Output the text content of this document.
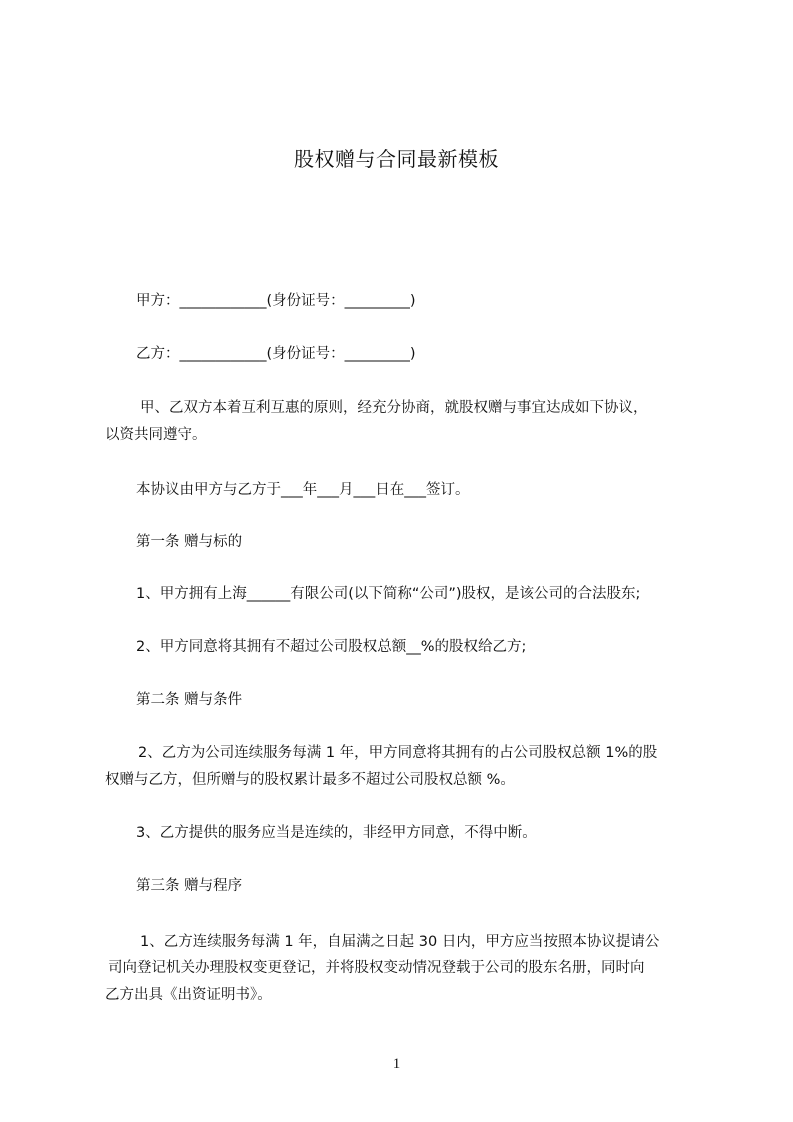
股权赠与合同最新模板
甲方：____________(身份证号：_________)
乙方：____________(身份证号：_________)
甲、乙双方本着互利互惠的原则，经充分协商，就股权赠与事宜达成如下协议，
以资共同遵守。
本协议由甲方与乙方于___年___月___日在___签订。
第一条 赠与标的
1、甲方拥有上海______有限公司(以下简称“公司”)股权，是该公司的合法股东;
2、甲方同意将其拥有不超过公司股权总额__%的股权给乙方;
第二条 赠与条件
2、乙方为公司连续服务每满 1 年，甲方同意将其拥有的占公司股权总额 1%的股
权赠与乙方，但所赠与的股权累计最多不超过公司股权总额 %。
3、乙方提供的服务应当是连续的，非经甲方同意，不得中断。
第三条 赠与程序
1、乙方连续服务每满 1 年，自届满之日起 30 日内，甲方应当按照本协议提请公
司向登记机关办理股权变更登记，并将股权变动情况登载于公司的股东名册，同时向
乙方出具《出资证明书》。
1
